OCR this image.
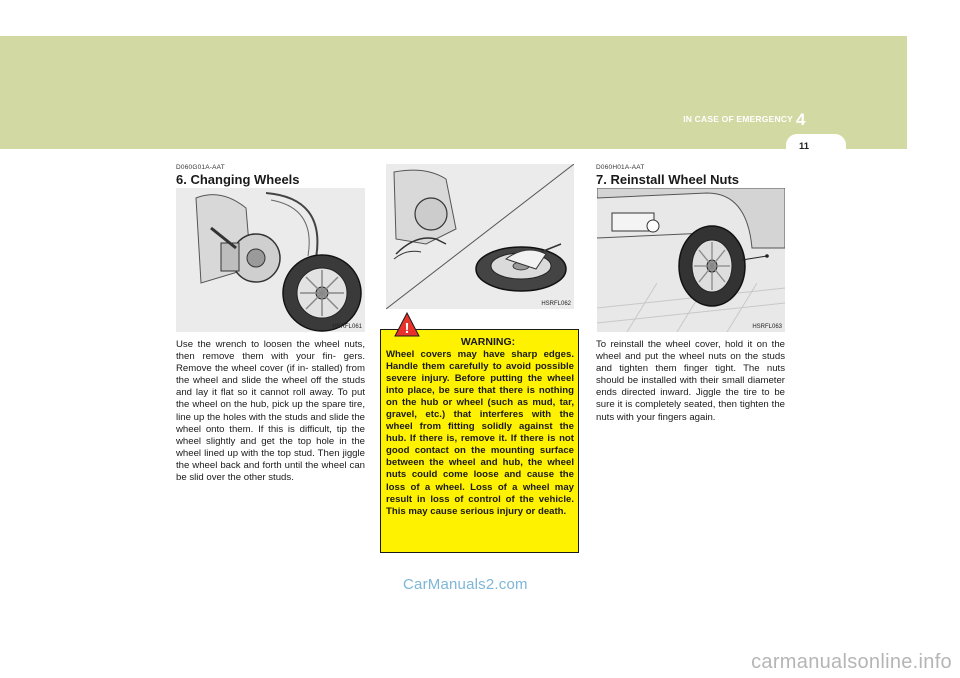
IN CASE OF EMERGENCY 4
11
D060G01A-AAT
6. Changing Wheels
HSRFL061
Use the wrench to loosen the wheel nuts, then remove them with your fin- gers. Remove the wheel cover (if in- stalled) from the wheel and slide the wheel off the studs and lay it flat so it cannot roll away. To put the wheel on the hub, pick up the spare tire, line up the holes with the studs and slide the wheel onto them. If this is difficult, tip the wheel slightly and get the top hole in the wheel lined up with the top stud. Then jiggle the wheel back and forth until the wheel can be slid over the other studs.
HSRFL062
WARNING:
Wheel covers may have sharp edges. Handle them carefully to avoid possible severe injury. Before putting the wheel into place, be sure that there is nothing on the hub or wheel (such as mud, tar, gravel, etc.) that interferes with the wheel from fitting solidly against the hub. If there is, remove it. If there is not good contact on the mounting surface between the wheel and hub, the wheel nuts could come loose and cause the loss of a wheel. Loss of a wheel may result in loss of control of the vehicle. This may cause serious injury or death.
!
D060H01A-AAT
7. Reinstall Wheel Nuts
HSRFL063
To reinstall the wheel cover, hold it on the wheel and put the wheel nuts on the studs and tighten them finger tight. The nuts should be installed with their small diameter ends directed inward. Jiggle the tire to be sure it is completely seated, then tighten the nuts with your fingers again.
CarManuals2.com
carmanualsonline.info
